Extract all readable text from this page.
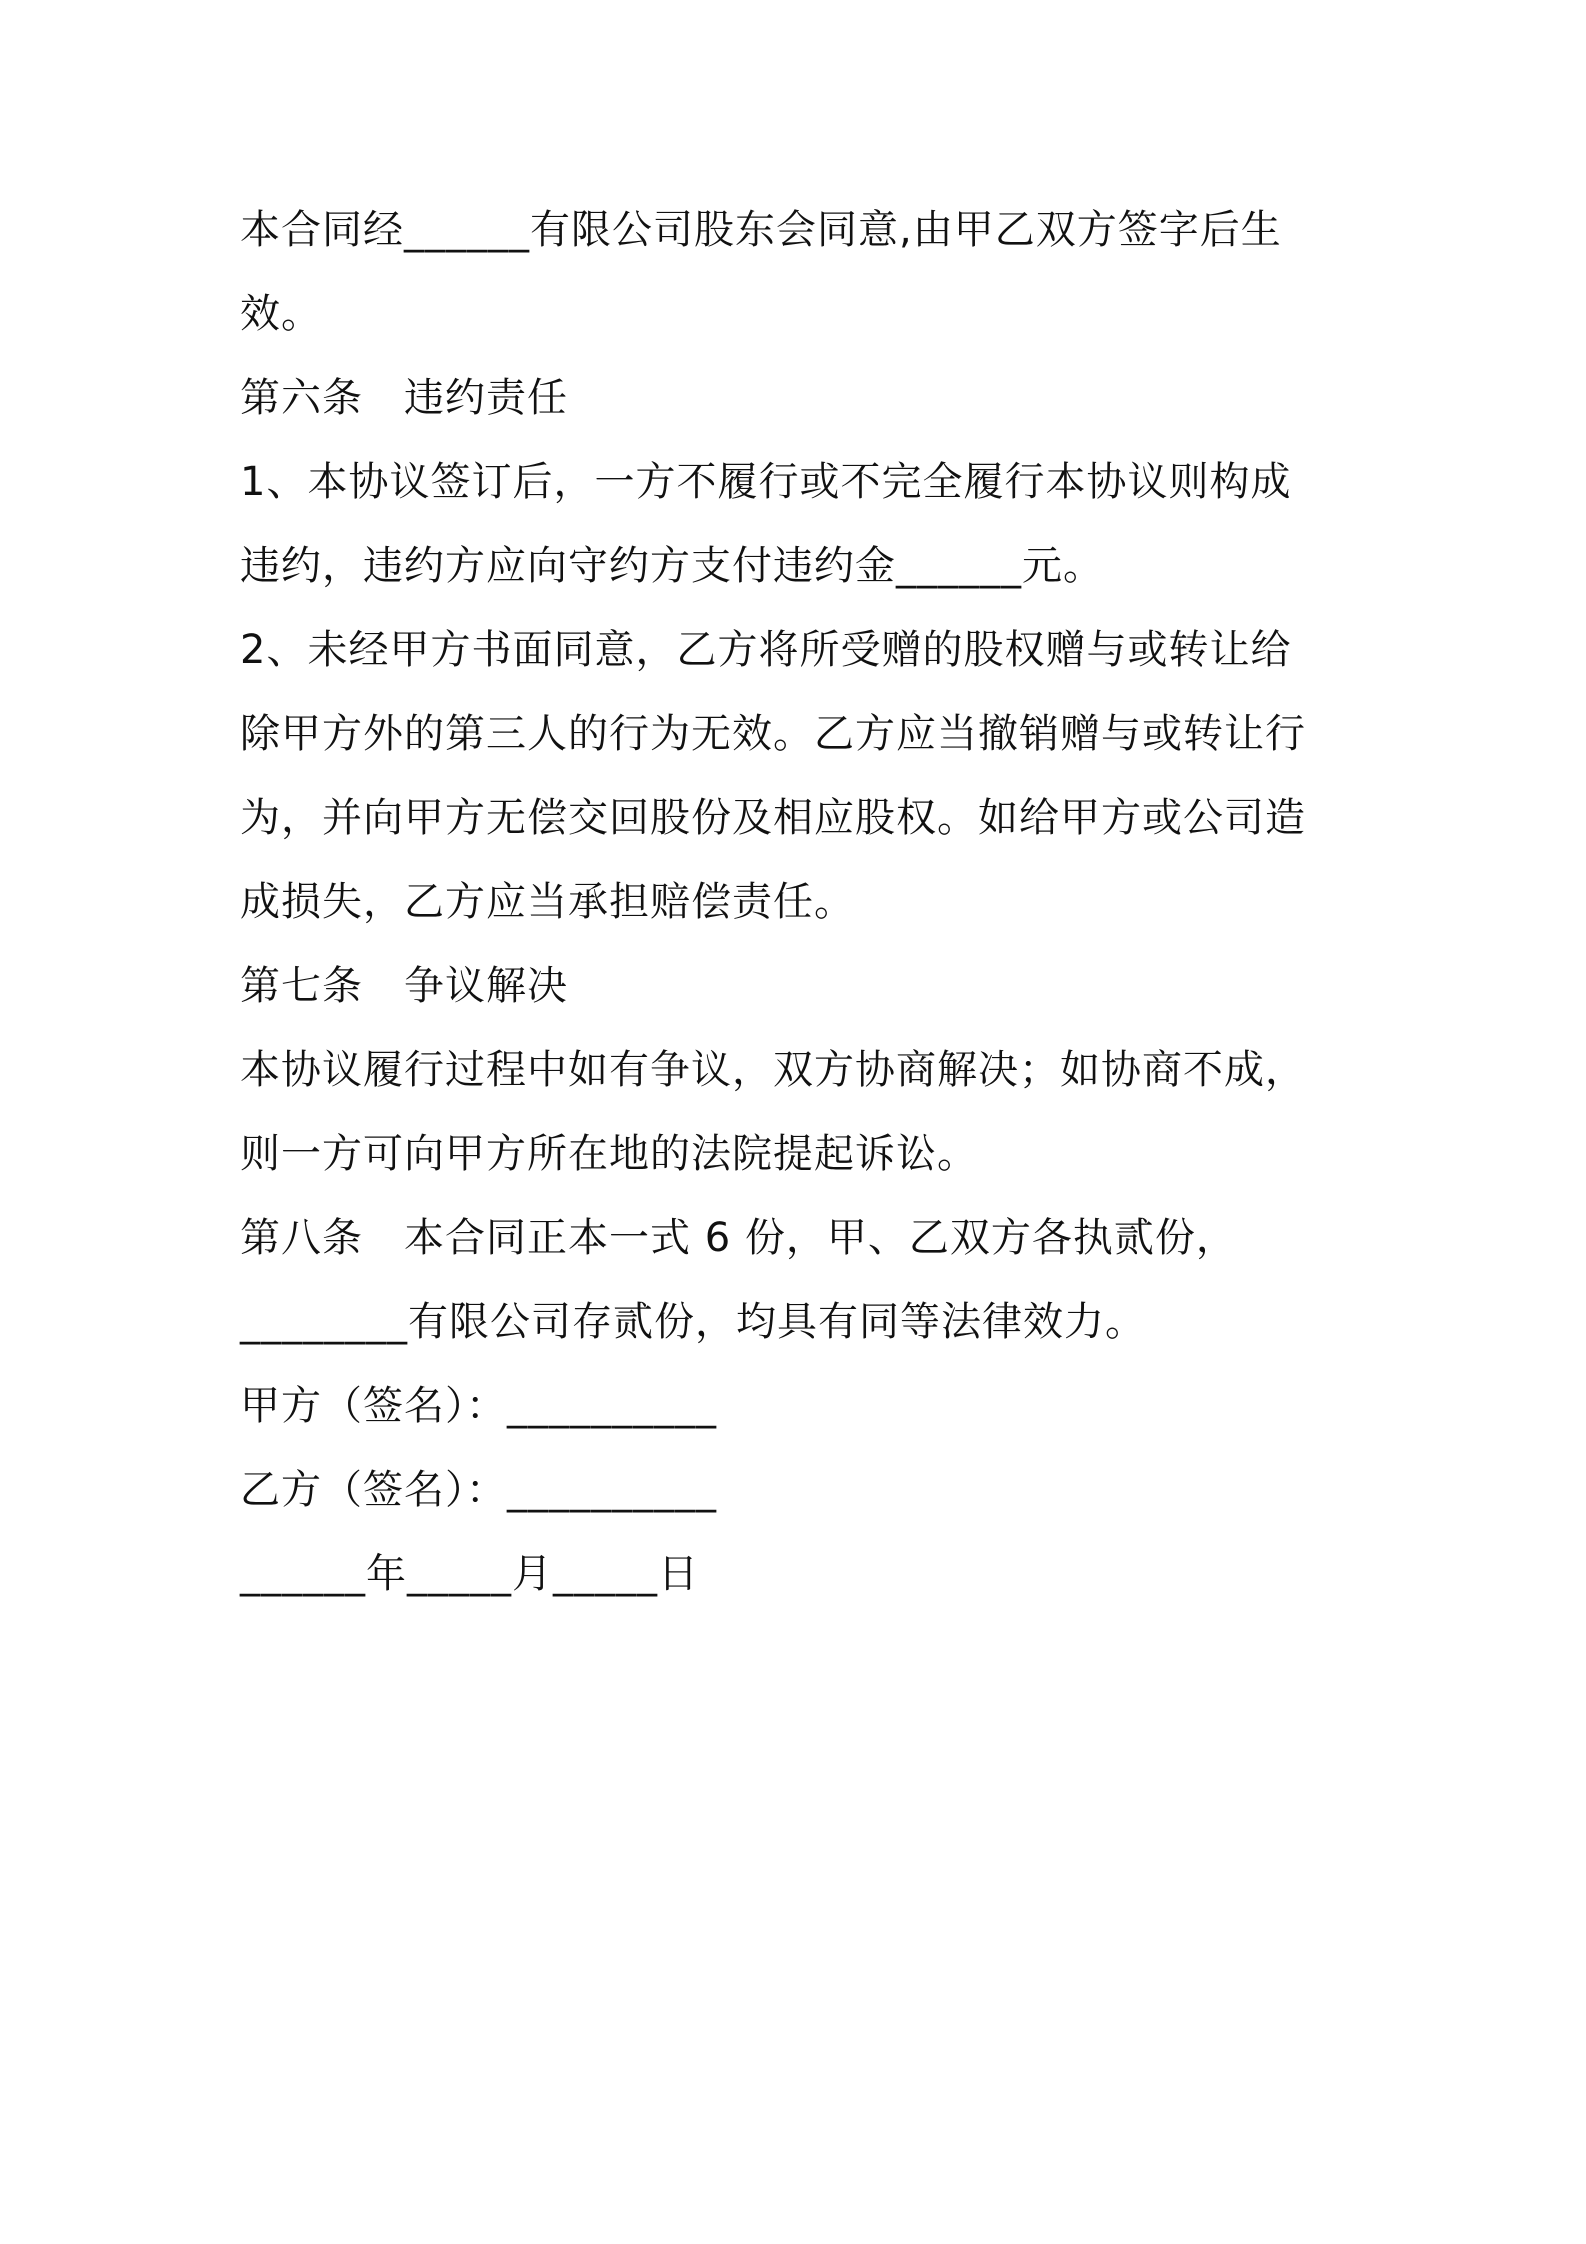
本合同经______有限公司股东会同意,由甲乙双方签字后生
效。
第六条　违约责任
1、本协议签订后，一方不履行或不完全履行本协议则构成
违约，违约方应向守约方支付违约金______元。
2、未经甲方书面同意，乙方将所受赠的股权赠与或转让给
除甲方外的第三人的行为无效。乙方应当撤销赠与或转让行
为，并向甲方无偿交回股份及相应股权。如给甲方或公司造
成损失，乙方应当承担赔偿责任。
第七条　争议解决
本协议履行过程中如有争议，双方协商解决；如协商不成，
则一方可向甲方所在地的法院提起诉讼。
第八条　本合同正本一式 6 份，甲、乙双方各执贰份，
________有限公司存贰份，均具有同等法律效力。
甲方（签名）：__________
乙方（签名）：__________
______年_____月_____日
